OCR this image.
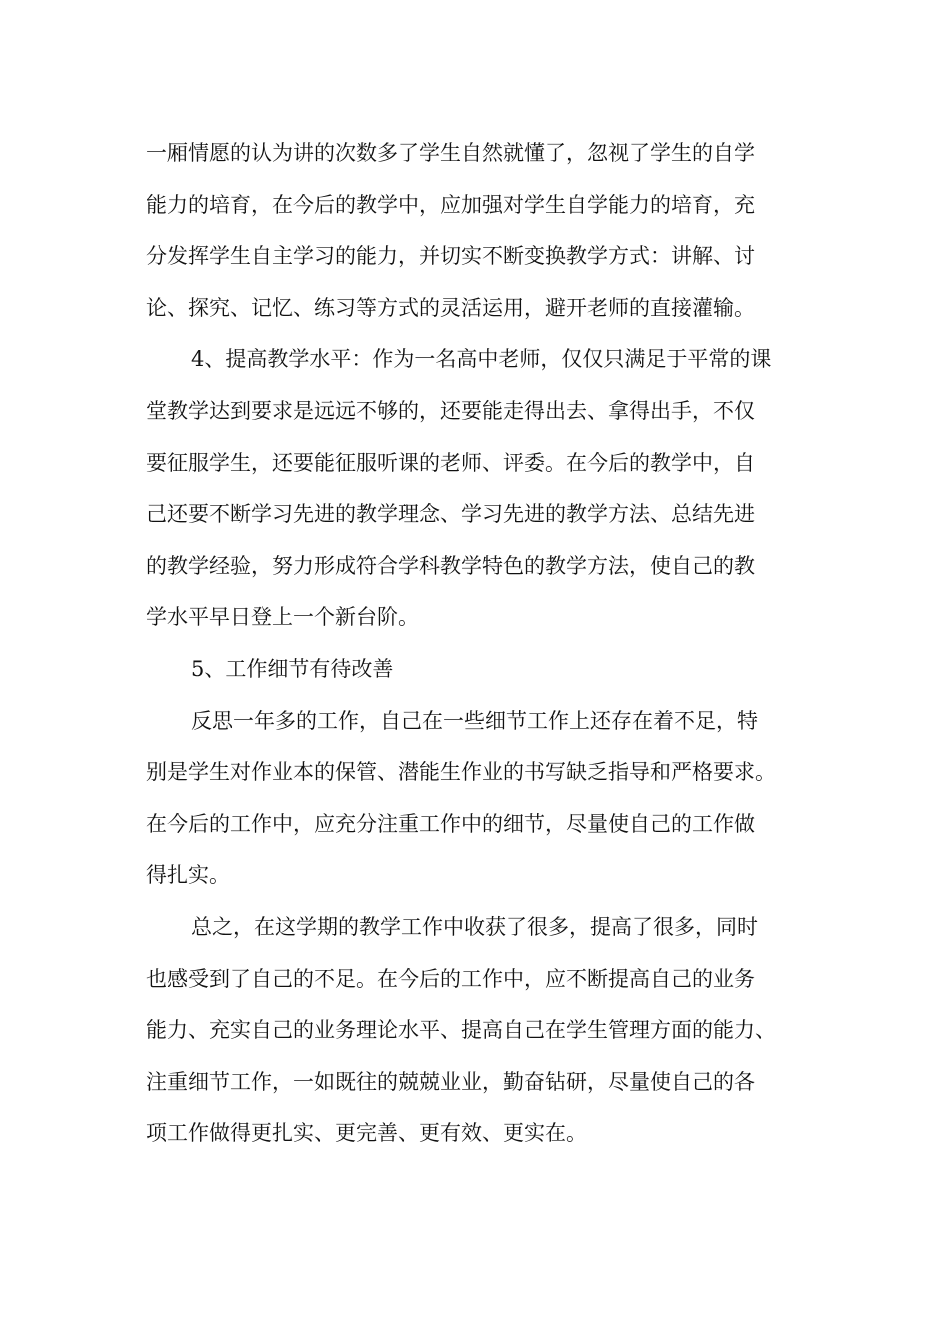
一厢情愿的认为讲的次数多了学生自然就懂了，忽视了学生的自学
能力的培育，在今后的教学中，应加强对学生自学能力的培育，充
分发挥学生自主学习的能力，并切实不断变换教学方式：讲解、讨
论、探究、记忆、练习等方式的灵活运用，避开老师的直接灌输。
4、提高教学水平：作为一名高中老师，仅仅只满足于平常的课
堂教学达到要求是远远不够的，还要能走得出去、拿得出手，不仅
要征服学生，还要能征服听课的老师、评委。在今后的教学中，自
己还要不断学习先进的教学理念、学习先进的教学方法、总结先进
的教学经验，努力形成符合学科教学特色的教学方法，使自己的教
学水平早日登上一个新台阶。
5、工作细节有待改善
反思一年多的工作，自己在一些细节工作上还存在着不足，特
别是学生对作业本的保管、潜能生作业的书写缺乏指导和严格要求。
在今后的工作中，应充分注重工作中的细节，尽量使自己的工作做
得扎实。
总之，在这学期的教学工作中收获了很多，提高了很多，同时
也感受到了自己的不足。在今后的工作中，应不断提高自己的业务
能力、充实自己的业务理论水平、提高自己在学生管理方面的能力、
注重细节工作，一如既往的兢兢业业，勤奋钻研，尽量使自己的各
项工作做得更扎实、更完善、更有效、更实在。
